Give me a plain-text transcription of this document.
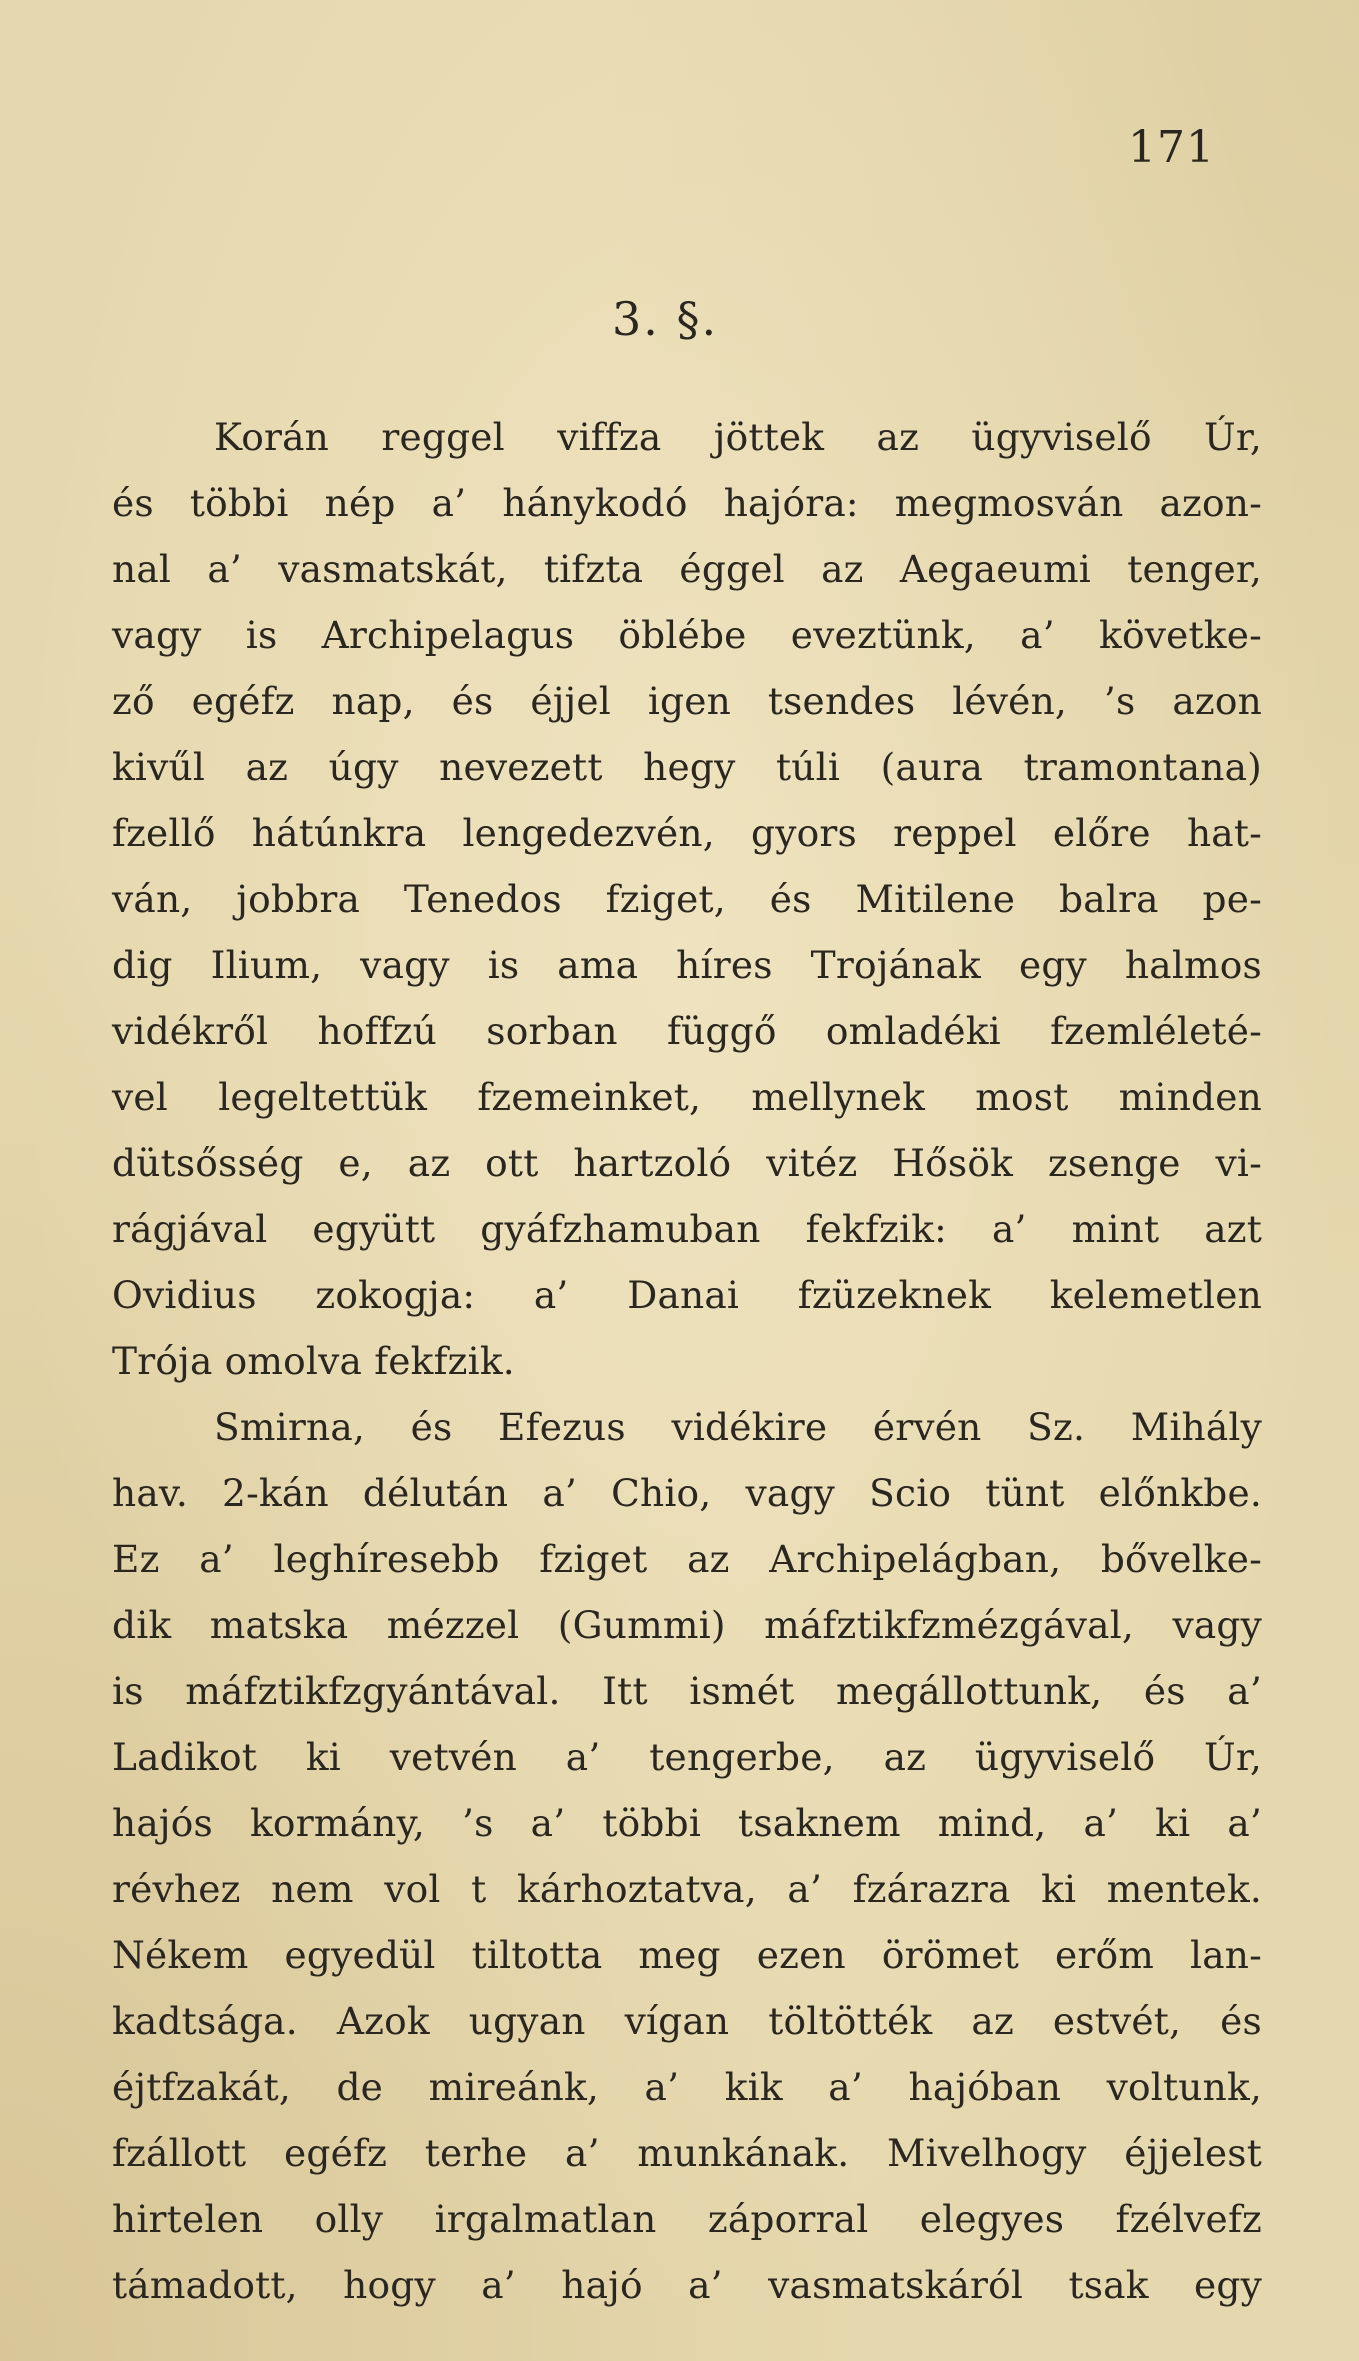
171
3. §.
Korán reggel viffza jöttek az ügyviselő Úr,
és többi nép a’ hánykodó hajóra: megmosván azon-
nal a’ vasmatskát, tifzta éggel az Aegaeumi tenger,
vagy is Archipelagus öblébe eveztünk, a’ követke-
ző egéfz nap, és éjjel igen tsendes lévén, ’s azon
kivűl az úgy nevezett hegy túli (aura tramontana)
fzellő hátúnkra lengedezvén, gyors reppel előre hat-
ván, jobbra Tenedos fziget, és Mitilene balra pe-
dig Ilium, vagy is ama híres Trojának egy halmos
vidékről hoffzú sorban függő omladéki fzemléleté-
vel legeltettük fzemeinket, mellynek most minden
dütsősség e, az ott hartzoló vitéz Hősök zsenge vi-
rágjával együtt gyáfzhamuban fekfzik: a’ mint azt
Ovidius zokogja: a’ Danai fzüzeknek kelemetlen
Trója omolva fekfzik.
Smirna, és Efezus vidékire érvén Sz. Mihály
hav. 2-kán délután a’ Chio, vagy Scio tünt előnkbe.
Ez a’ leghíresebb fziget az Archipelágban, bővelke-
dik matska mézzel (Gummi) máfztikfzmézgával, vagy
is máfztikfzgyántával. Itt ismét megállottunk, és a’
Ladikot ki vetvén a’ tengerbe, az ügyviselő Úr,
hajós kormány, ’s a’ többi tsaknem mind, a’ ki a’
révhez nem vol t kárhoztatva, a’ fzárazra ki mentek.
Nékem egyedül tiltotta meg ezen örömet erőm lan-
kadtsága. Azok ugyan vígan töltötték az estvét, és
éjtfzakát, de mireánk, a’ kik a’ hajóban voltunk,
fzállott egéfz terhe a’ munkának. Mivelhogy éjjelest
hirtelen olly irgalmatlan záporral elegyes fzélvefz
támadott, hogy a’ hajó a’ vasmatskáról tsak egy
